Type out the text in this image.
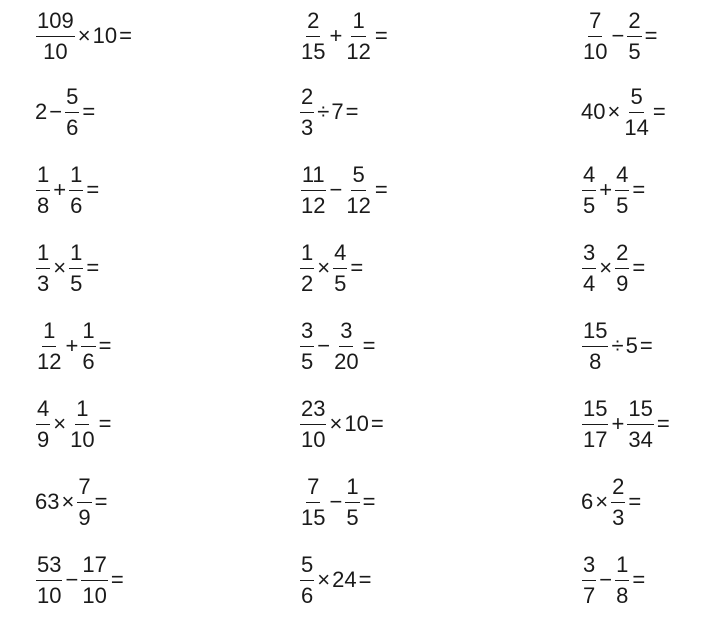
$\frac{109}{10} \times 10$ =	$\frac{2}{15} + \frac{1}{12}$ =	$\frac{7}{10} - \frac{2}{5}$ =
$2 - \frac{5}{6}$ =	$\frac{2}{3} \div 7$ =	$40 \times \frac{5}{14}$ =
$\frac{1}{8} + \frac{1}{6}$ =	$\frac{11}{12} - \frac{5}{12}$ =	$\frac{4}{5} + \frac{4}{5}$ =
$\frac{1}{3} \times \frac{1}{5}$ =	$\frac{1}{2} \times \frac{4}{5}$ =	$\frac{3}{4} \times \frac{2}{9}$ =
$\frac{1}{12} + \frac{1}{6}$ =	$\frac{3}{5} - \frac{3}{20}$ =	$\frac{15}{8} \div 5$ =
$\frac{4}{9} \times \frac{1}{10}$ =	$\frac{23}{10} \times 10$ =	$\frac{15}{17} + \frac{15}{34}$ =
$63 \times \frac{7}{9}$ =	$\frac{7}{15} - \frac{1}{5}$ =	$6 \times \frac{2}{3}$ =
$\frac{53}{10} - \frac{17}{10}$ =	$\frac{5}{6} \times 24$ =	$\frac{3}{7} - \frac{1}{8}$ =
